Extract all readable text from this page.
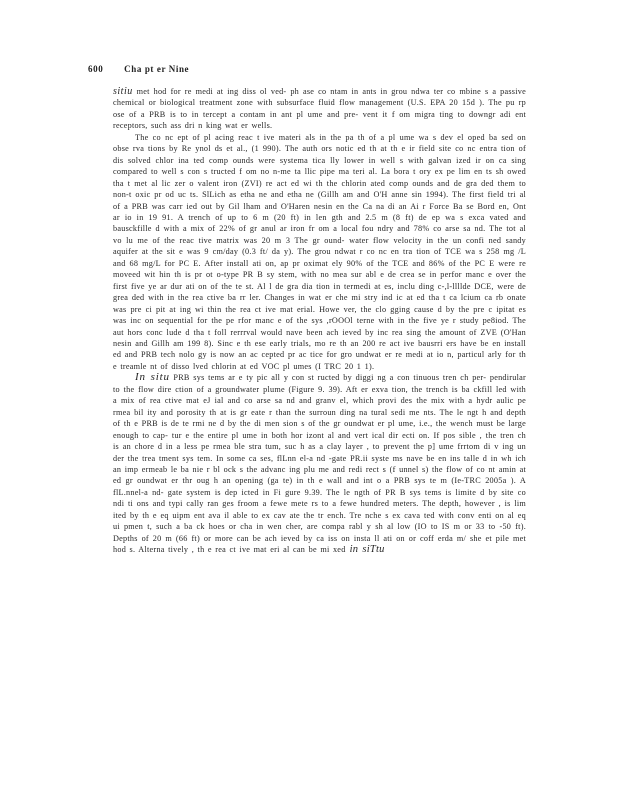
600 Cha pt er Nine

sitiu met hod for re medi at ing diss ol ved- ph ase co ntam in ants in grou ndwa ter co mbine s a passive chemical or biological treatment zone with subsurface fluid flow management (U.S. EPA 20 15d ). The pu rp ose of a PRB is to in tercept a contam in ant pl ume and pre- vent it f om migra ting to downgr adi ent receptors, such ass dri n king wat er wells.

The co nc ept of pl acing reac t ive materi als in the pa th of a pl ume wa s dev el oped ba sed on obse rva tions by Re ynol ds et al., (1 990). The auth ors notic ed th at th e ir field site co nc entra tion of dis solved chlor ina ted comp ounds were systema tica lly lower in well s with galvan ized ir on ca sing compared to well s con s tructed f om no n-me ta llic pipe ma teri al. La bora t ory ex pe lim en ts sh owed tha t met al lic zer o valent iron (ZVI) re act ed wi th the chlorin ated comp ounds and de gra ded them to non-t oxic pr od uc ts. SlLich as etha ne and etha ne (Gillh am and O'H anne sin 1994). The first field tri al of a PRB was carr ied out by Gil lham and O'Haren nesin en the Ca na di an Ai r Force Ba se Bord en, Ont ar io in 19 91. A trench of up to 6 m (20 ft) in len gth and 2.5 m (8 ft) de ep wa s exca vated and bausckfille d with a mix of 22% of gr anul ar iron fr om a local fou ndry and 78% co arse sa nd. The tot al vo lu me of the reac tive matrix was 20 m 3 The gr ound- water flow velocity in the un confi ned sandy aquifer at the sit e was 9 cm/day (0.3 ft/ da y). The grou ndwat r co nc en tra tion of TCE wa s 258 mg /L and 68 mg/L for PC E. After install ati on, ap pr oximat ely 90% of the TCE and 86% of the PC E were re moveed wit hin th is pr ot o-type PR B sy stem, with no mea sur abl e de crea se in perfor manc e over the first five ye ar dur ati on of the te st. Al l de gra dia tion in termedi at es, inclu ding c-,l-llllde DCE, were de grea ded with in the rea ctive ba rr ler. Changes in wat er che mi stry ind ic at ed tha t ca lcium ca rb onate was pre ci pit at ing wi thin the rea ct ive mat erial. Howe ver, the clo gging cause d by the pre c ipitat es was inc on sequential for the pe rfor manc e of the sys ,rOOOl terne with in the five ye r study pe8iod. The aut hors conc lude d tha t foll rerrrval would nave been ach ieved by inc rea sing the amount of ZVE (O'Han nesin and Gillh am 199 8). Sinc e th ese early trials, mo re th an 200 re act ive bausrri ers have be en install ed and PRB tech nolo gy is now an ac cepted pr ac tice for gro undwat er re medi at io n, particul arly for th e treamle nt of disso lved chlorin at ed VOC pl umes (I TRC 20 1 1).

In situ PRB sys tems ar e ty pic all y con st ructed by diggi ng a con tinuous tren ch per- pendirular to the flow dire ction of a groundwater plume (Figure 9. 39). Aft er exva tion, the trench is ba ckfill led with a mix of rea ctive mat eJ ial and co arse sa nd and granv el, which provi des the mix with a hydr aulic pe rmea bil ity and porosity th at is gr eate r than the surroun ding na tural sedi me nts. The le ngt h and depth of th e PRB is de te rmi ne d by the di men sion s of the gr oundwat er pl ume, i.e., the wench must be large enough to cap- tur e the entire pl ume in both hor izont al and vert ical dir ecti on. If pos sible , the tren ch is an chore d in a less pe rmea ble stra tum, suc h as a clay layer , to prevent the p] ume frrtom di v ing un der the trea tment sys tem. In some ca ses, flLnn el-a nd -gate PR.ii syste ms nave be en ins talle d in wh ich an imp ermeab le ba nie r bl ock s the advanc ing plu me and redi rect s (f unnel s) the flow of co nt amin at ed gr oundwat er thr oug h an opening (ga te) in th e wall and int o a PRB sys te m (Ie-TRC 2005a ). A flL.nnel-a nd- gate system is dep icted in Fi gure 9.39. The le ngth of PR B sys tems is limite d by site co ndi ti ons and typi cally ran ges froom a fewe mete rs to a fewe hundred meters. The depth, however , is lim ited by th e eq uipm ent ava il able to ex cav ate the tr ench. Tre nche s ex cava ted with conv enti on al eq ui pmen t, such a ba ck hoes or cha in wen cher, are compa rabl y sh al low (IO to IS m or 33 to -50 ft). Depths of 20 m (66 ft) or more can be ach ieved by ca iss on insta ll ati on or coff erda m/ she et pile met hod s. Alterna tively , th e rea ct ive mat eri al can be mi xed in siTtu
